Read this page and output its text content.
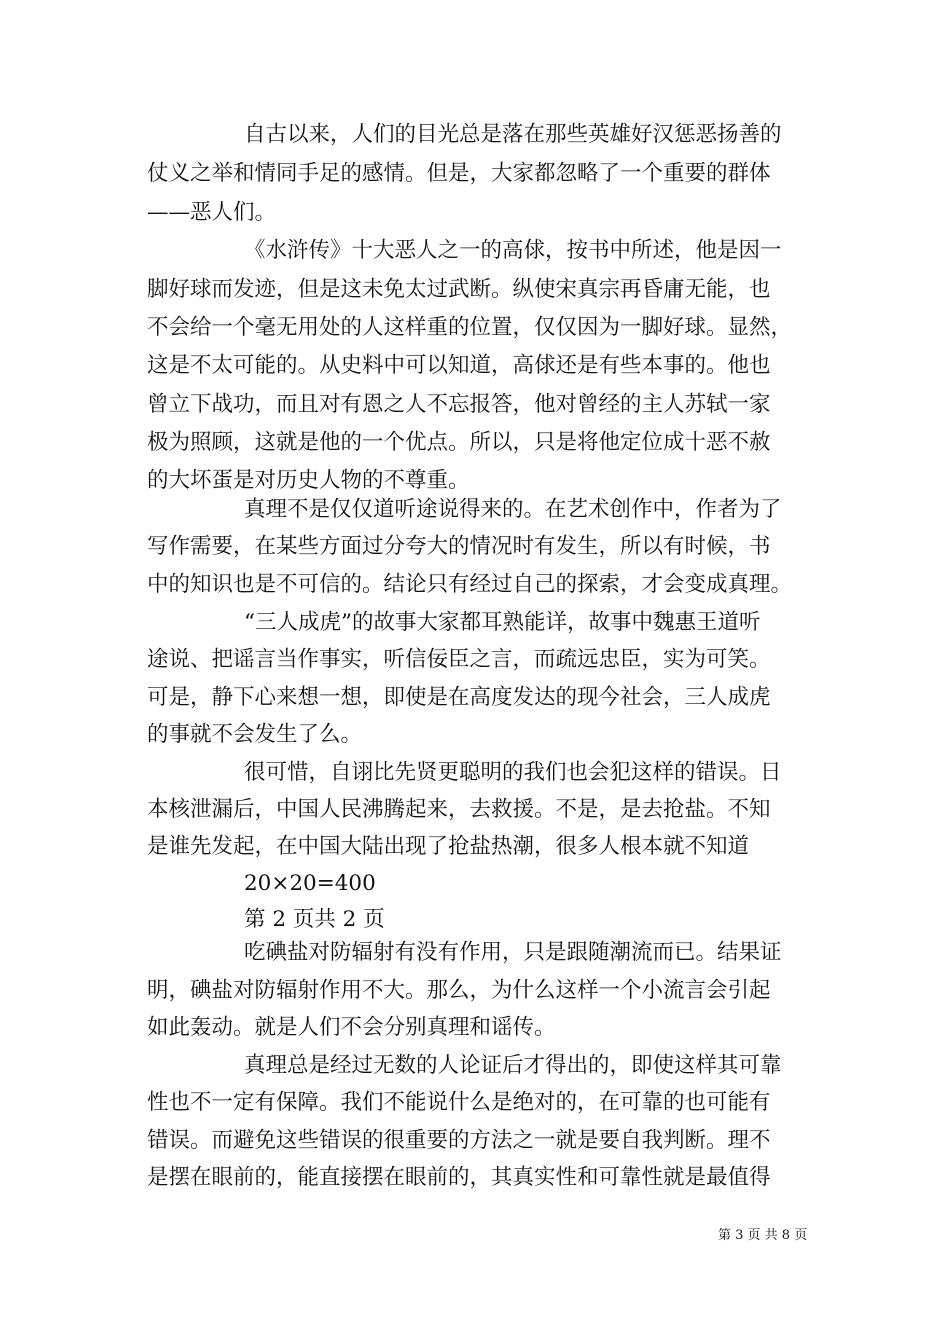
自古以来，人们的目光总是落在那些英雄好汉惩恶扬善的
仗义之举和情同手足的感情。但是，大家都忽略了一个重要的群体
——恶人们。
《水浒传》十大恶人之一的高俅，按书中所述，他是因一
脚好球而发迹，但是这未免太过武断。纵使宋真宗再昏庸无能，也
不会给一个毫无用处的人这样重的位置，仅仅因为一脚好球。显然，
这是不太可能的。从史料中可以知道，高俅还是有些本事的。他也
曾立下战功，而且对有恩之人不忘报答，他对曾经的主人苏轼一家
极为照顾，这就是他的一个优点。所以，只是将他定位成十恶不赦
的大坏蛋是对历史人物的不尊重。
真理不是仅仅道听途说得来的。在艺术创作中，作者为了
写作需要，在某些方面过分夸大的情况时有发生，所以有时候，书
中的知识也是不可信的。结论只有经过自己的探索，才会变成真理。
“三人成虎”的故事大家都耳熟能详，故事中魏惠王道听
途说、把谣言当作事实，听信佞臣之言，而疏远忠臣，实为可笑。
可是，静下心来想一想，即使是在高度发达的现今社会，三人成虎
的事就不会发生了么。
很可惜，自诩比先贤更聪明的我们也会犯这样的错误。日
本核泄漏后，中国人民沸腾起来，去救援。不是，是去抢盐。不知
是谁先发起，在中国大陆出现了抢盐热潮，很多人根本就不知道
20×20=400
第 2 页共 2 页
吃碘盐对防辐射有没有作用，只是跟随潮流而已。结果证
明，碘盐对防辐射作用不大。那么，为什么这样一个小流言会引起
如此轰动。就是人们不会分别真理和谣传。
真理总是经过无数的人论证后才得出的，即使这样其可靠
性也不一定有保障。我们不能说什么是绝对的，在可靠的也可能有
错误。而避免这些错误的很重要的方法之一就是要自我判断。理不
是摆在眼前的，能直接摆在眼前的，其真实性和可靠性就是最值得
第 3 页 共 8 页
